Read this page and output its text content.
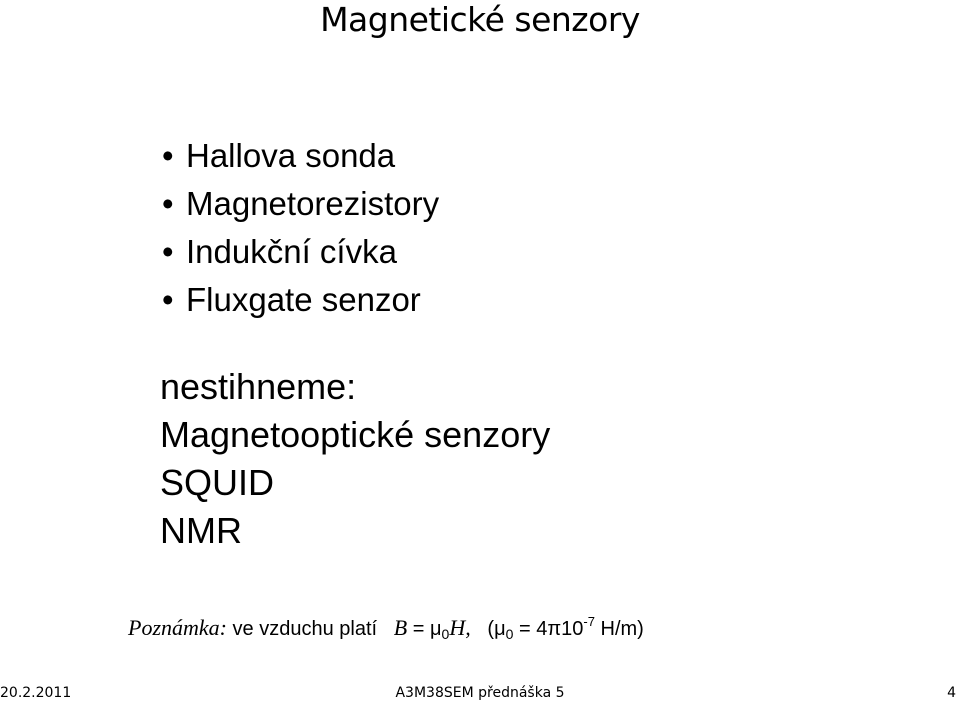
Magnetické senzory
• Hallova sonda
• Magnetorezistory
• Indukční cívka
• Fluxgate senzor
nestihneme:
Magnetooptické senzory
SQUID
NMR
Poznámka: ve vzduchu platí $B = \mu_0H$, ($\mu_0 = 4\pi 10^{-7}$ H/m)
20.2.2011	A3M38SEM přednáška 5	4
